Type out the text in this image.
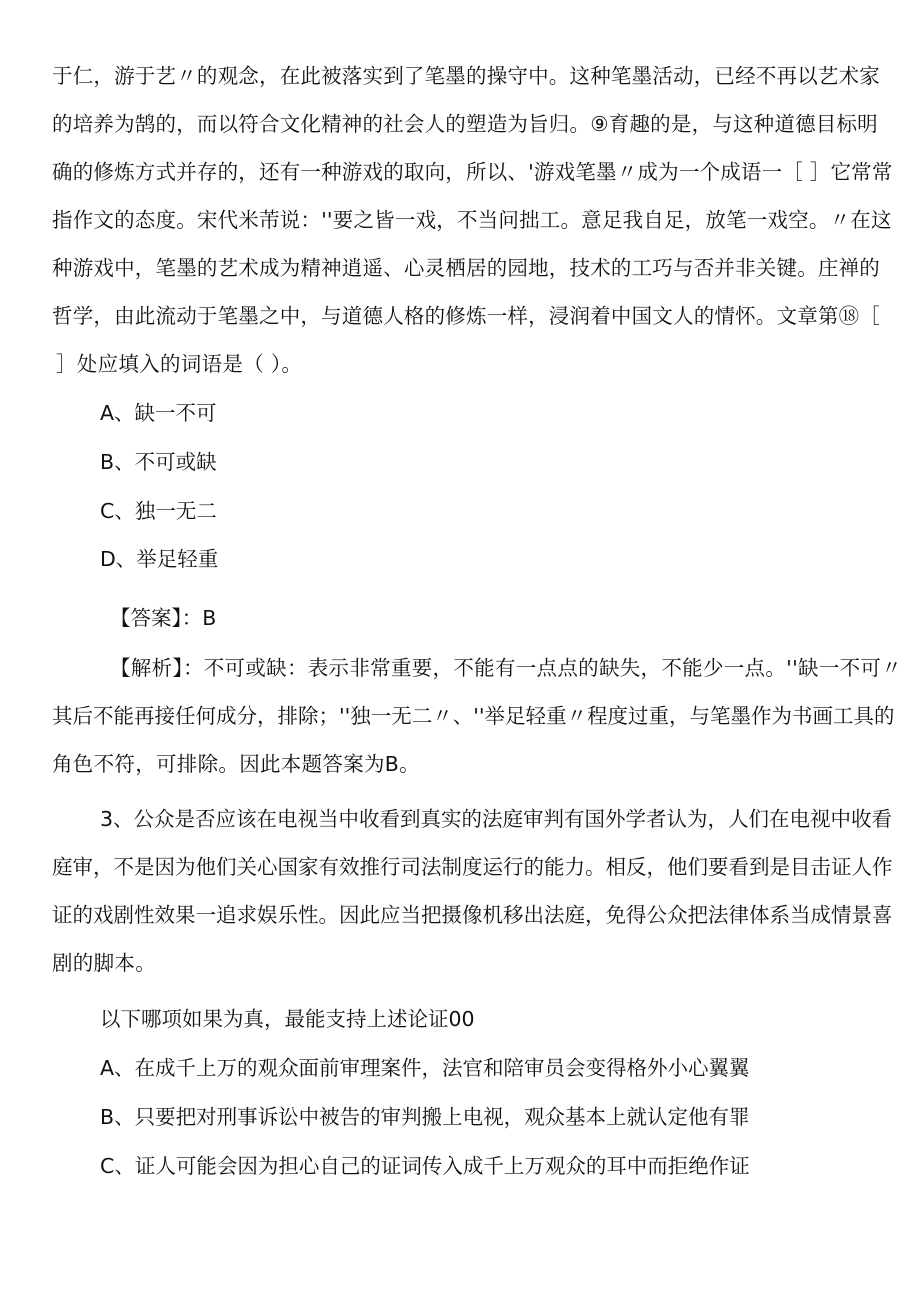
于仁，游于艺〃的观念，在此被落实到了笔墨的操守中。这种笔墨活动，已经不再以艺术家
的培养为鹄的，而以符合文化精神的社会人的塑造为旨归。⑨育趣的是，与这种道德目标明
确的修炼方式并存的，还有一种游戏的取向，所以、'游戏笔墨〃成为一个成语一［ ］它常常
指作文的态度。宋代米芾说：''要之皆一戏，不当问拙工。意足我自足，放笔一戏空。〃在这
种游戏中，笔墨的艺术成为精神逍遥、心灵栖居的园地，技术的工巧与否并非关键。庄禅的
哲学，由此流动于笔墨之中，与道德人格的修炼一样，浸润着中国文人的情怀。文章第⑱［
］处应填入的词语是（ ）。
A、缺一不可
B、不可或缺
C、独一无二
D、举足轻重
【答案】：B
【解析】：不可或缺：表示非常重要，不能有一点点的缺失，不能少一点。''缺一不可〃
其后不能再接任何成分，排除；''独一无二〃、''举足轻重〃程度过重，与笔墨作为书画工具的
角色不符，可排除。因此本题答案为B。
3、公众是否应该在电视当中收看到真实的法庭审判有国外学者认为，人们在电视中收看
庭审，不是因为他们关心国家有效推行司法制度运行的能力。相反，他们要看到是目击证人作
证的戏剧性效果一追求娱乐性。因此应当把摄像机移出法庭，免得公众把法律体系当成情景喜
剧的脚本。
以下哪项如果为真，最能支持上述论证00
A、在成千上万的观众面前审理案件，法官和陪审员会变得格外小心翼翼
B、只要把对刑事诉讼中被告的审判搬上电视，观众基本上就认定他有罪
C、证人可能会因为担心自己的证词传入成千上万观众的耳中而拒绝作证
